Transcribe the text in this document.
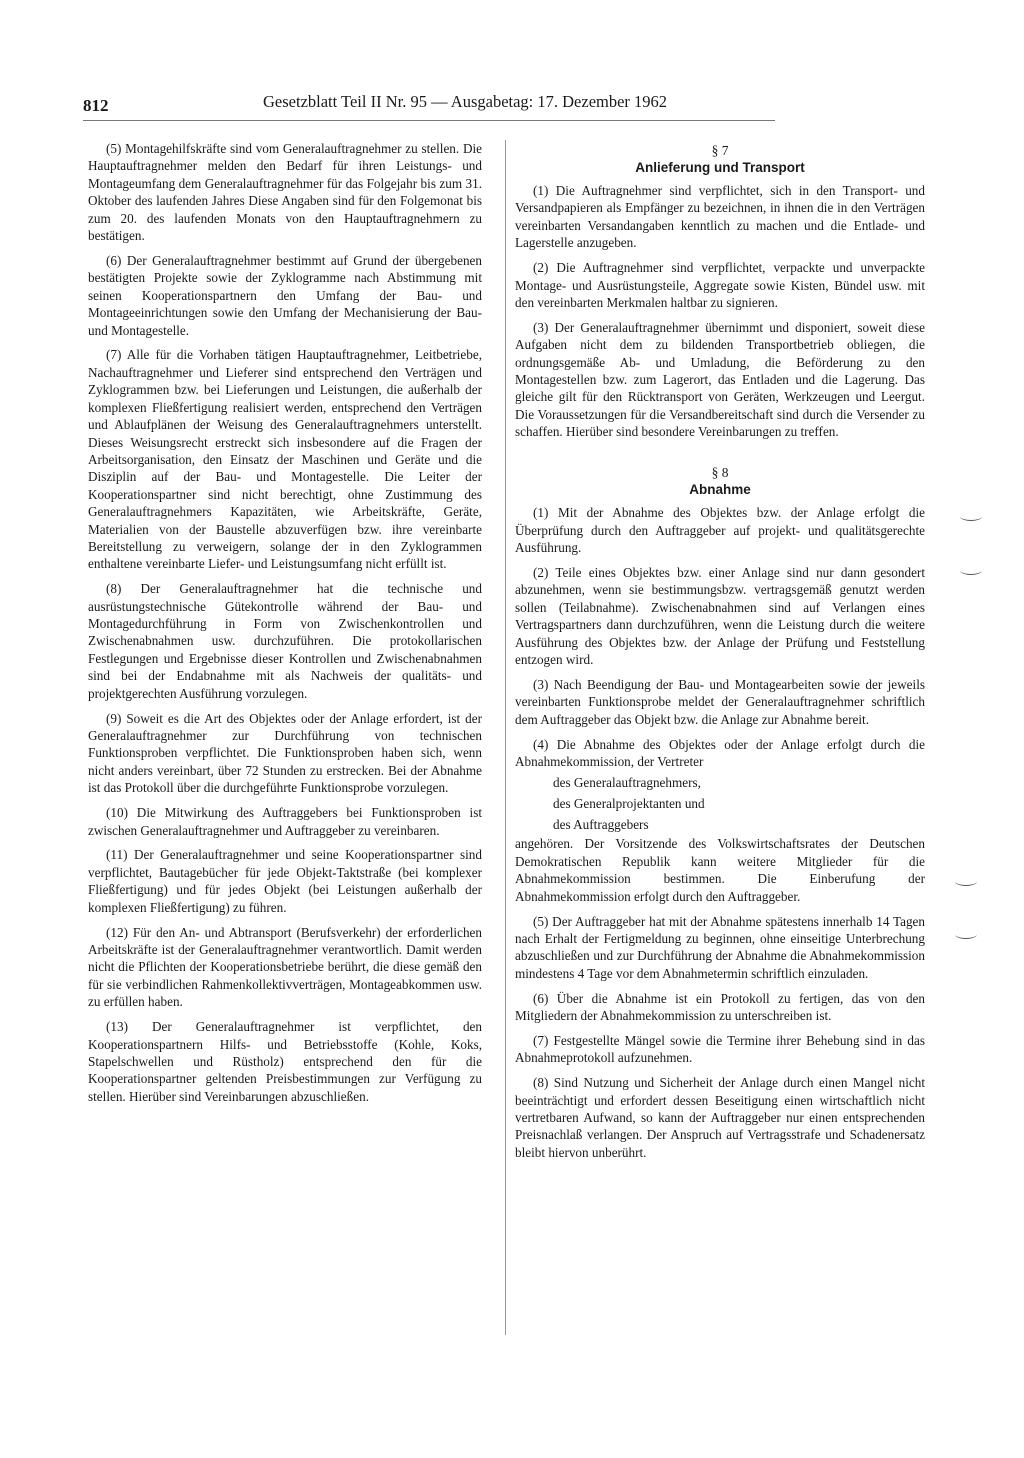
812	Gesetzblatt Teil II Nr. 95 — Ausgabetag: 17. Dezember 1962

(5) Montagehilfskräfte sind vom Generalauftragnehmer zu stellen. Die Hauptauftragnehmer melden den Bedarf für ihren Leistungs- und Montageumfang dem Generalauftragnehmer für das Folgejahr bis zum 31. Oktober des laufenden Jahres Diese Angaben sind für den Folgemonat bis zum 20. des laufenden Monats von den Hauptauftragnehmern zu bestätigen.

(6) Der Generalauftragnehmer bestimmt auf Grund der übergebenen bestätigten Projekte sowie der Zyklogramme nach Abstimmung mit seinen Kooperationspartnern den Umfang der Bau- und Montageeinrichtungen sowie den Umfang der Mechanisierung der Bau- und Montagestelle.

(7) Alle für die Vorhaben tätigen Hauptauftragnehmer, Leitbetriebe, Nachauftragnehmer und Lieferer sind entsprechend den Verträgen und Zyklogrammen bzw. bei Lieferungen und Leistungen, die außerhalb der komplexen Fließfertigung realisiert werden, entsprechend den Verträgen und Ablaufplänen der Weisung des Generalauftragnehmers unterstellt. Dieses Weisungsrecht erstreckt sich insbesondere auf die Fragen der Arbeitsorganisation, den Einsatz der Maschinen und Geräte und die Disziplin auf der Bau- und Montagestelle. Die Leiter der Kooperationspartner sind nicht berechtigt, ohne Zustimmung des Generalauftragnehmers Kapazitäten, wie Arbeitskräfte, Geräte, Materialien von der Baustelle abzuverfügen bzw. ihre vereinbarte Bereitstellung zu verweigern, solange der in den Zyklogrammen enthaltene vereinbarte Liefer- und Leistungsumfang nicht erfüllt ist.

(8) Der Generalauftragnehmer hat die technische und ausrüstungstechnische Gütekontrolle während der Bau- und Montagedurchführung in Form von Zwischenkontrollen und Zwischenabnahmen usw. durchzuführen. Die protokollarischen Festlegungen und Ergebnisse dieser Kontrollen und Zwischenabnahmen sind bei der Endabnahme mit als Nachweis der qualitäts- und projektgerechten Ausführung vorzulegen.

(9) Soweit es die Art des Objektes oder der Anlage erfordert, ist der Generalauftragnehmer zur Durchführung von technischen Funktionsproben verpflichtet. Die Funktionsproben haben sich, wenn nicht anders vereinbart, über 72 Stunden zu erstrecken. Bei der Abnahme ist das Protokoll über die durchgeführte Funktionsprobe vorzulegen.

(10) Die Mitwirkung des Auftraggebers bei Funktionsproben ist zwischen Generalauftragnehmer und Auftraggeber zu vereinbaren.

(11) Der Generalauftragnehmer und seine Kooperationspartner sind verpflichtet, Bautagebücher für jede Objekt-Taktstraße (bei komplexer Fließfertigung) und für jedes Objekt (bei Leistungen außerhalb der komplexen Fließfertigung) zu führen.

(12) Für den An- und Abtransport (Berufsverkehr) der erforderlichen Arbeitskräfte ist der Generalauftragnehmer verantwortlich. Damit werden nicht die Pflichten der Kooperationsbetriebe berührt, die diese gemäß den für sie verbindlichen Rahmenkollektivverträgen, Montageabkommen usw. zu erfüllen haben.

(13) Der Generalauftragnehmer ist verpflichtet, den Kooperationspartnern Hilfs- und Betriebsstoffe (Kohle, Koks, Stapelschwellen und Rüstholz) entsprechend den für die Kooperationspartner geltenden Preisbestimmungen zur Verfügung zu stellen. Hierüber sind Vereinbarungen abzuschließen.

§ 7
Anlieferung und Transport

(1) Die Auftragnehmer sind verpflichtet, sich in den Transport- und Versandpapieren als Empfänger zu bezeichnen, in ihnen die in den Verträgen vereinbarten Versandangaben kenntlich zu machen und die Entlade- und Lagerstelle anzugeben.

(2) Die Auftragnehmer sind verpflichtet, verpackte und unverpackte Montage- und Ausrüstungsteile, Aggregate sowie Kisten, Bündel usw. mit den vereinbarten Merkmalen haltbar zu signieren.

(3) Der Generalauftragnehmer übernimmt und disponiert, soweit diese Aufgaben nicht dem zu bildenden Transportbetrieb obliegen, die ordnungsgemäße Ab- und Umladung, die Beförderung zu den Montagestellen bzw. zum Lagerort, das Entladen und die Lagerung. Das gleiche gilt für den Rücktransport von Geräten, Werkzeugen und Leergut. Die Voraussetzungen für die Versandbereitschaft sind durch die Versender zu schaffen. Hierüber sind besondere Vereinbarungen zu treffen.

§ 8
Abnahme

(1) Mit der Abnahme des Objektes bzw. der Anlage erfolgt die Überprüfung durch den Auftraggeber auf projekt- und qualitätsgerechte Ausführung.

(2) Teile eines Objektes bzw. einer Anlage sind nur dann gesondert abzunehmen, wenn sie bestimmungsbzw. vertragsgemäß genutzt werden sollen (Teilabnahme). Zwischenabnahmen sind auf Verlangen eines Vertragspartners dann durchzuführen, wenn die Leistung durch die weitere Ausführung des Objektes bzw. der Anlage der Prüfung und Feststellung entzogen wird.

(3) Nach Beendigung der Bau- und Montagearbeiten sowie der jeweils vereinbarten Funktionsprobe meldet der Generalauftragnehmer schriftlich dem Auftraggeber das Objekt bzw. die Anlage zur Abnahme bereit.

(4) Die Abnahme des Objektes oder der Anlage erfolgt durch die Abnahmekommission, der Vertreter

des Generalauftragnehmers,

des Generalprojektanten und

des Auftraggebers

angehören. Der Vorsitzende des Volkswirtschaftsrates der Deutschen Demokratischen Republik kann weitere Mitglieder für die Abnahmekommission bestimmen. Die Einberufung der Abnahmekommission erfolgt durch den Auftraggeber.

(5) Der Auftraggeber hat mit der Abnahme spätestens innerhalb 14 Tagen nach Erhalt der Fertigmeldung zu beginnen, ohne einseitige Unterbrechung abzuschließen und zur Durchführung der Abnahme die Abnahmekommission mindestens 4 Tage vor dem Abnahmetermin schriftlich einzuladen.

(6) Über die Abnahme ist ein Protokoll zu fertigen, das von den Mitgliedern der Abnahmekommission zu unterschreiben ist.

(7) Festgestellte Mängel sowie die Termine ihrer Behebung sind in das Abnahmeprotokoll aufzunehmen.

(8) Sind Nutzung und Sicherheit der Anlage durch einen Mangel nicht beeinträchtigt und erfordert dessen Beseitigung einen wirtschaftlich nicht vertretbaren Aufwand, so kann der Auftraggeber nur einen entsprechenden Preisnachlaß verlangen. Der Anspruch auf Vertragsstrafe und Schadenersatz bleibt hiervon unberührt.
